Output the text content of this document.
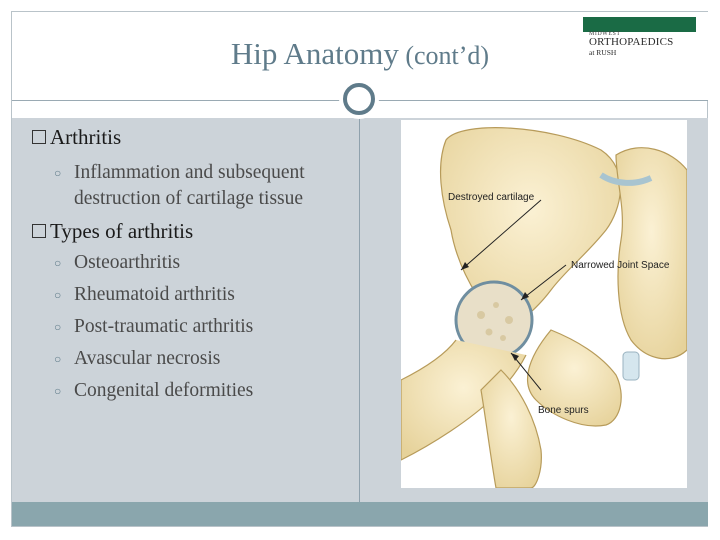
Hip Anatomy (cont’d)
MIDWEST
ORTHOPAEDICS
at RUSH
Arthritis
○ Inflammation and subsequent destruction of cartilage tissue
Types of arthritis
○ Osteoarthritis
○ Rheumatoid arthritis
○ Post-traumatic arthritis
○ Avascular necrosis
○ Congenital deformities
Destroyed cartilage
Narrowed Joint Space
Bone spurs
